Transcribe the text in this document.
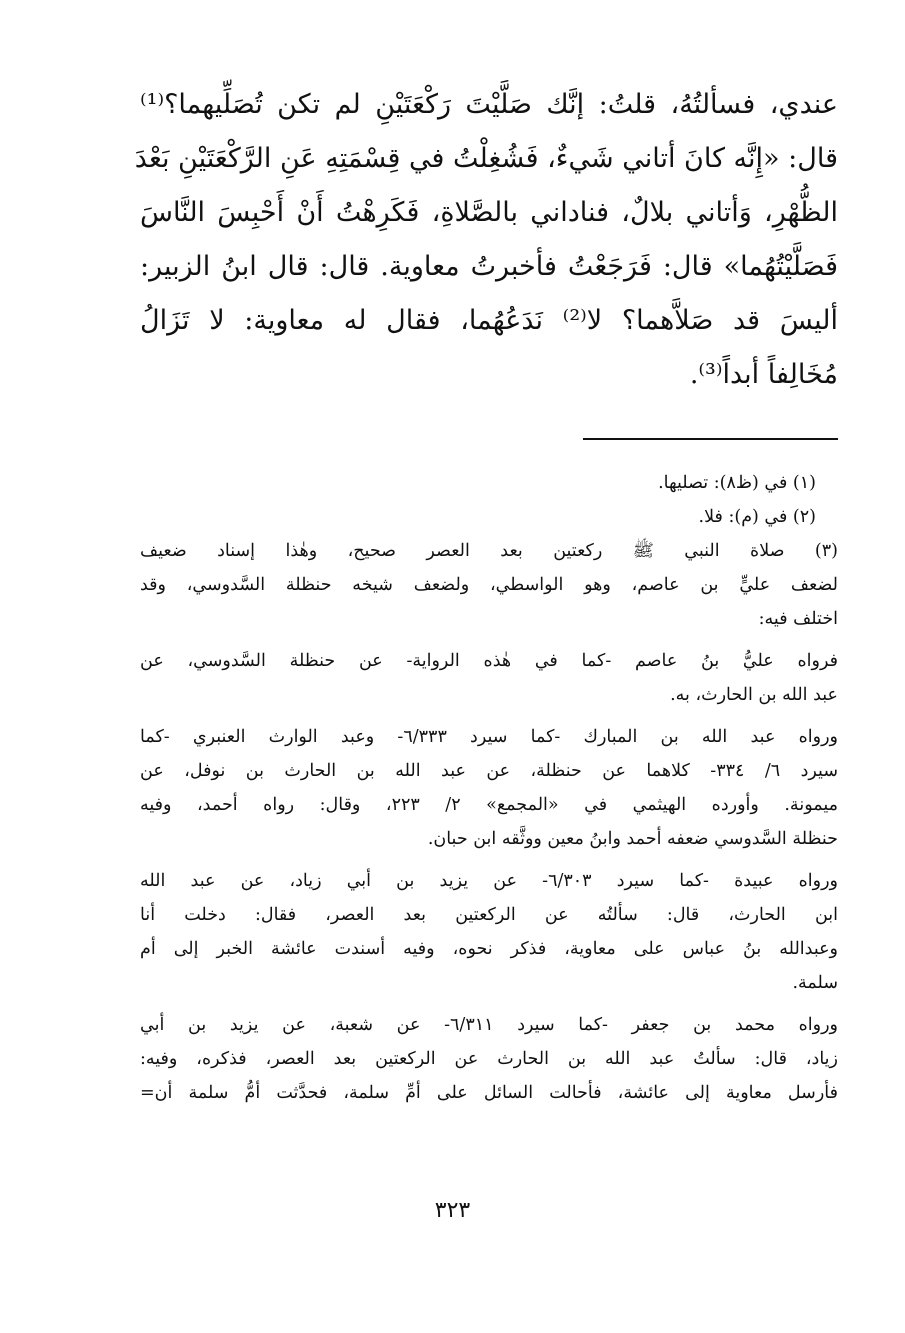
عندي، فسألتُهُ، قلتُ: إنَّك صَلَّيْتَ رَكْعَتَيْنِ لم تكن تُصَلِّيهما؟⁽¹⁾
قال: «إِنَّه كانَ أتاني شَيءٌ، فَشُغِلْتُ في قِسْمَتِهِ عَنِ الرَّكْعَتَيْنِ بَعْدَ
الظُّهْرِ، وَأتاني بلالٌ، فناداني بالصَّلاةِ، فَكَرِهْتُ أَنْ أَحْبِسَ النَّاسَ
فَصَلَّيْتُهُما» قال: فَرَجَعْتُ فأخبرتُ معاوية. قال: قال ابنُ الزبير:
أليسَ قد صَلاَّهما؟ لا⁽²⁾ نَدَعُهُما، فقال له معاوية: لا تَزَالُ
مُخَالِفاً أبداً⁽³⁾.
(١) في (ظ٨): تصليها.
(٢) في (م): فلا.
(٣) صلاة النبي ﷺ ركعتين بعد العصر صحيح، وهٰذا إسناد ضعيف
لضعف عليٍّ بن عاصم، وهو الواسطي، ولضعف شيخه حنظلة السَّدوسي، وقد
اختلف فيه:
فرواه عليُّ بنُ عاصم -كما في هٰذه الرواية- عن حنظلة السَّدوسي، عن
عبد الله بن الحارث، به.
ورواه عبد الله بن المبارك -كما سيرد ٦/٣٣٣- وعبد الوارث العنبري -كما
سيرد ٦/ ٣٣٤- كلاهما عن حنظلة، عن عبد الله بن الحارث بن نوفل، عن
ميمونة. وأورده الهيثمي في «المجمع» ٢/ ٢٢٣، وقال: رواه أحمد، وفيه
حنظلة السَّدوسي ضعفه أحمد وابنُ معين ووثَّقه ابن حبان.
ورواه عبيدة -كما سيرد ٦/٣٠٣- عن يزيد بن أبي زياد، عن عبد الله
ابن الحارث، قال: سألتُه عن الركعتين بعد العصر، فقال: دخلت أنا
وعبدالله بنُ عباس على معاوية، فذكر نحوه، وفيه أسندت عائشة الخبر إلى أم
سلمة.
ورواه محمد بن جعفر -كما سيرد ٦/٣١١- عن شعبة، عن يزيد بن أبي
زياد، قال: سألتُ عبد الله بن الحارث عن الركعتين بعد العصر، فذكره، وفيه:
فأرسل معاوية إلى عائشة، فأحالت السائل على أمِّ سلمة، فحدَّثت أمُّ سلمة أن=
٣٢٣
